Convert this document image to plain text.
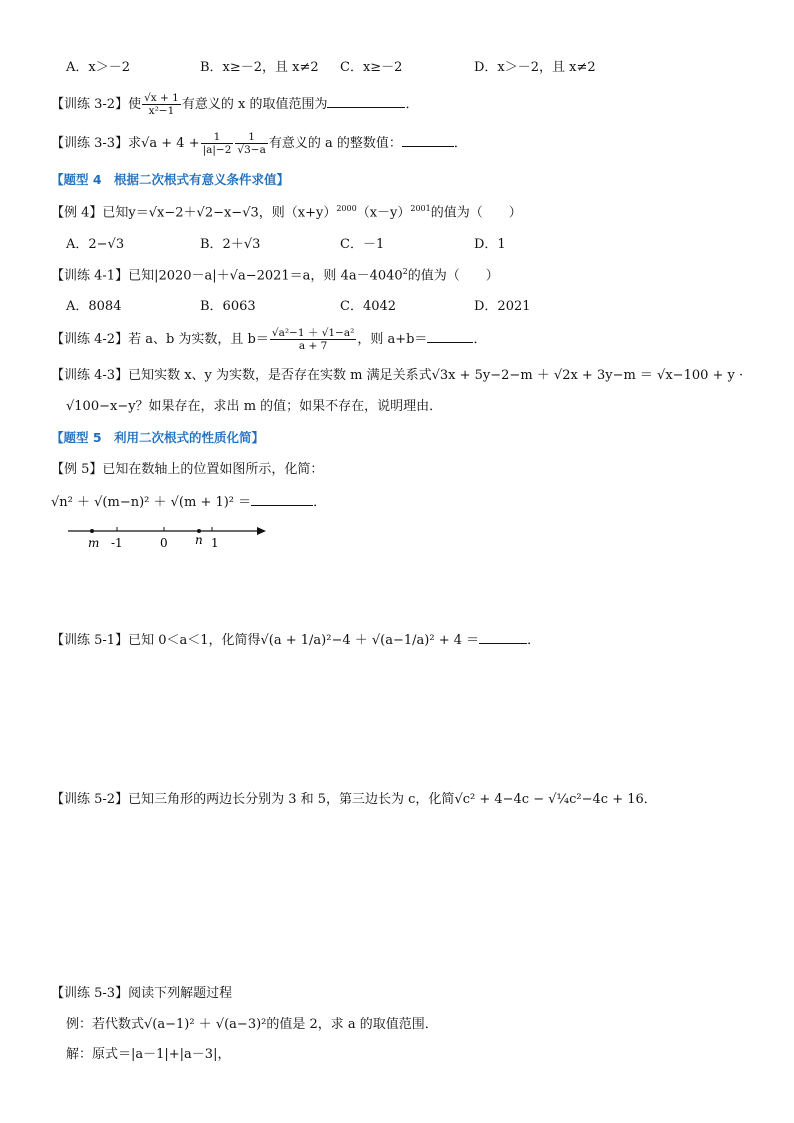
A．x＞－2	B．x≥－2，且 x≠2 C．x≥－2	D．x＞－2，且 x≠2
【训练 3-2】使 $\frac{√x + 1}{\text{x²−1}}$ 有意义的 x 的取值范围为	．
【训练 3-3】求$√a + 4 + \frac{1}{|a|-2} \frac{1}{√3-a}$ 有意义的 a 的整数值：	．
【题型 4　根据二次根式有意义条件求值】
【例 4】已知y＝√x−2＋√2−x−√3，则$(x+y)^{2000}(x-y)^{2001}$的值为（　　）
A．2−√3	B．2＋√3	C．－1	D．1
【训练 4-1】已知|2020－a|＋√a−2021＝a，则 $4a-4040^2$的值为（　　）
A．8084	B．6063	C．4042	D．2021
【训练 4-2】若 a、b 为实数，且 $b= \frac{\text{√a²−1 ＋ √1−a²}}{a + 7}$ ，则 a+b＝	．
【训练 4-3】已知实数 x、y 为实数，是否存在实数 m 满足关系式√3x + 5y−2−m ＋ √2x + 3y−m ＝ √x−100 + y ·
√100−x−y？如果存在，求出 m 的值；如果不存在，说明理由．
【题型 5　利用二次根式的性质化简】
【例 5】已知在数轴上的位置如图所示，化简：
√n² ＋ √(m−n)² ＋ √(m + 1)² ＝	．
m -1	0 n 1
【训练 5-1】已知 0＜a＜1，化简得√(a + 1/a)²−4 ＋ √(a−1/a)² + 4 ＝	．
【训练 5-2】已知三角形的两边长分别为 3 和 5，第三边长为 c，化简√c² + 4−4c − √¼c²−4c + 16．
【训练 5-3】阅读下列解题过程
例：若代数式√(a−1)² ＋ √(a−3)²的值是 2，求 a 的取值范围．
解：原式＝|a－1|+|a－3|，
